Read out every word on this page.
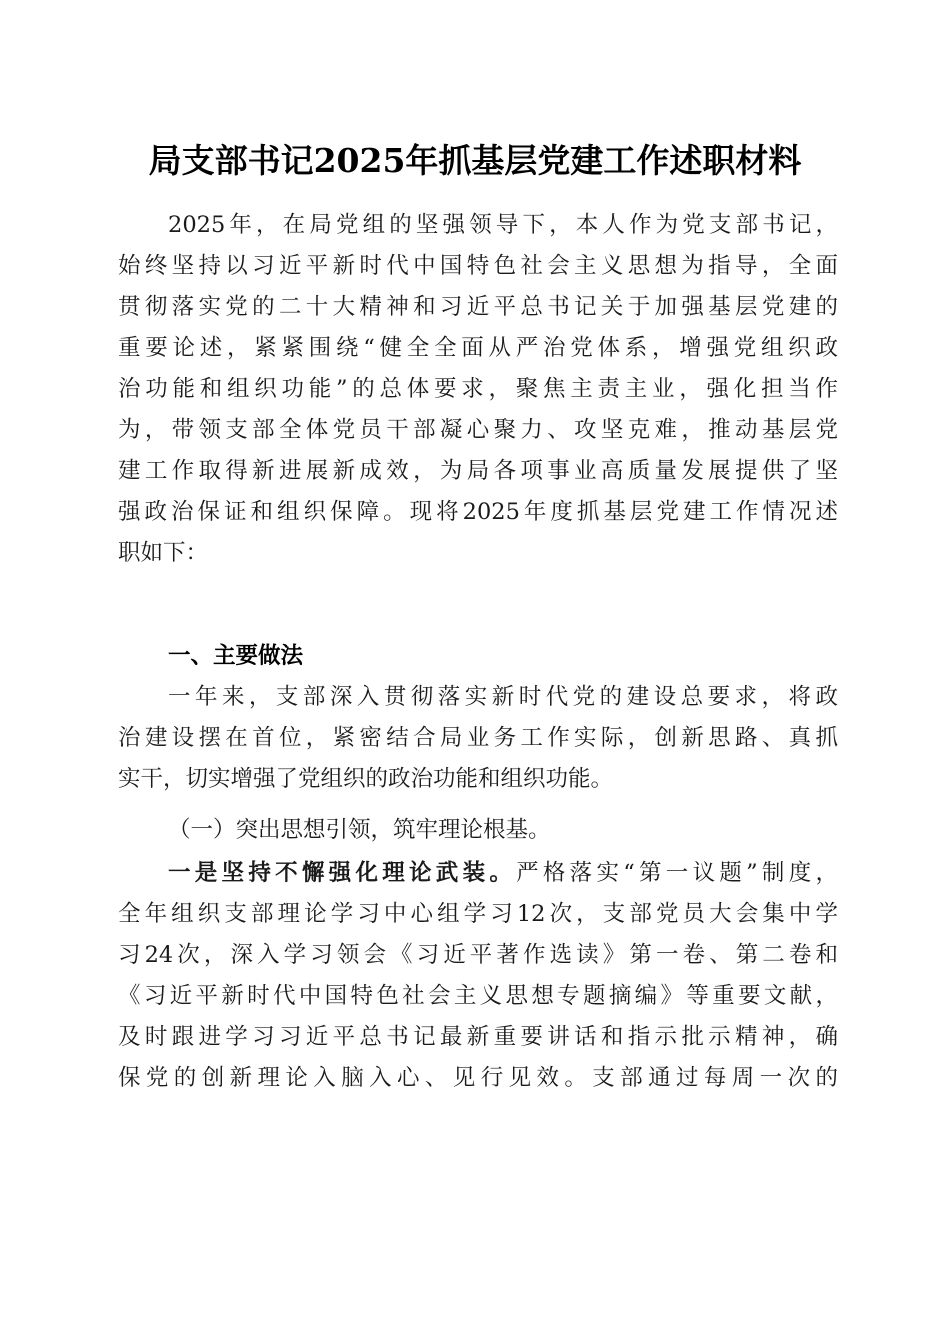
局支部书记2025年抓基层党建工作述职材料
2025年，在局党组的坚强领导下，本人作为党支部书记，
始终坚持以习近平新时代中国特色社会主义思想为指导，全面
贯彻落实党的二十大精神和习近平总书记关于加强基层党建的
重要论述，紧紧围绕“健全全面从严治党体系，增强党组织政
治功能和组织功能”的总体要求，聚焦主责主业，强化担当作
为，带领支部全体党员干部凝心聚力、攻坚克难，推动基层党
建工作取得新进展新成效，为局各项事业高质量发展提供了坚
强政治保证和组织保障。现将2025年度抓基层党建工作情况述
职如下：
一、主要做法
一年来，支部深入贯彻落实新时代党的建设总要求，将政
治建设摆在首位，紧密结合局业务工作实际，创新思路、真抓
实干，切实增强了党组织的政治功能和组织功能。
（一）突出思想引领，筑牢理论根基。
一是坚持不懈强化理论武装。严格落实“第一议题”制度，
全年组织支部理论学习中心组学习12次，支部党员大会集中学
习24次，深入学习领会《习近平著作选读》第一卷、第二卷和
《习近平新时代中国特色社会主义思想专题摘编》等重要文献，
及时跟进学习习近平总书记最新重要讲话和指示批示精神，确
保党的创新理论入脑入心、见行见效。支部通过每周一次的
